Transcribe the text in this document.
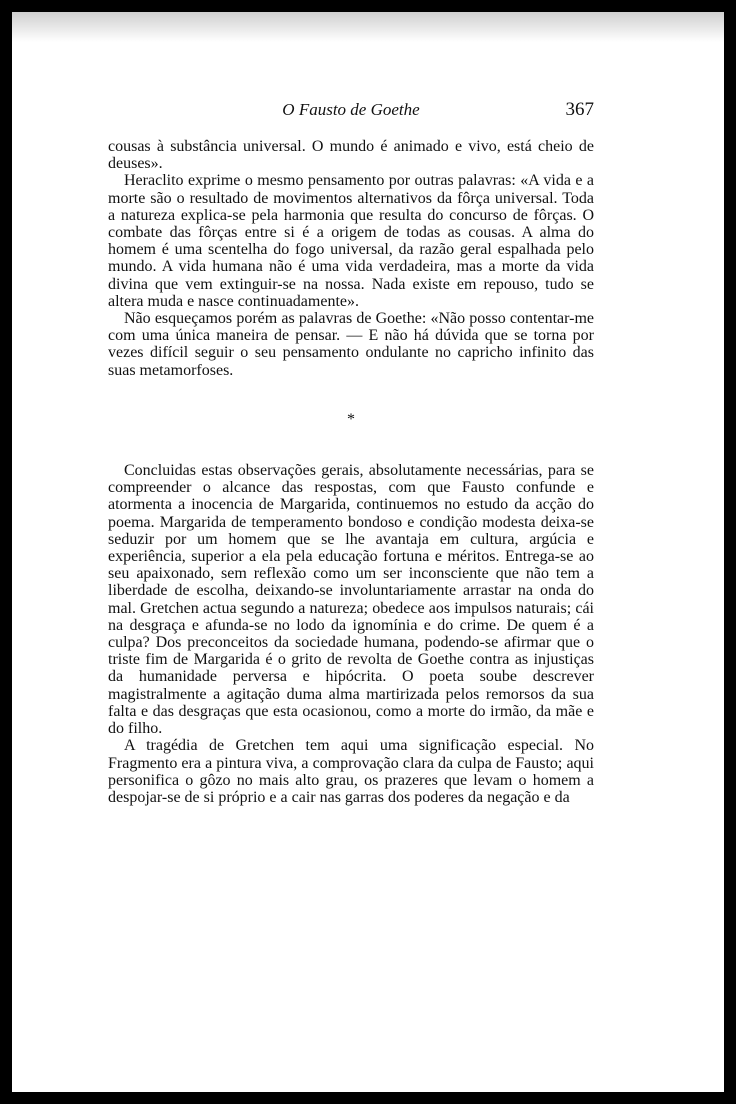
O Fausto de Goethe	367

cousas à substância universal. O mundo é animado e vivo, está cheio de deuses».

Heraclito exprime o mesmo pensamento por outras palavras: «A vida e a morte são o resultado de movimentos alternativos da fôrça universal. Toda a natureza explica-se pela harmonia que resulta do concurso de fôrças. O combate das fôrças entre si é a origem de todas as cousas. A alma do homem é uma scentelha do fogo universal, da razão geral espalhada pelo mundo. A vida humana não é uma vida verdadeira, mas a morte da vida divina que vem extinguir-se na nossa. Nada existe em repouso, tudo se altera muda e nasce continuadamente».

Não esqueçamos porém as palavras de Goethe: «Não posso contentar-me com uma única maneira de pensar. — E não há dúvida que se torna por vezes difícil seguir o seu pensamento ondulante no capricho infinito das suas metamorfoses.

*

Concluidas estas observações gerais, absolutamente necessárias, para se compreender o alcance das respostas, com que Fausto confunde e atormenta a inocencia de Margarida, continuemos no estudo da acção do poema. Margarida de temperamento bondoso e condição modesta deixa-se seduzir por um homem que se lhe avantaja em cultura, argúcia e experiência, superior a ela pela educação fortuna e méritos. Entrega-se ao seu apaixonado, sem reflexão como um ser inconsciente que não tem a liberdade de escolha, deixando-se involuntariamente arrastar na onda do mal. Gretchen actua segundo a natureza; obedece aos impulsos naturais; cái na desgraça e afunda-se no lodo da ignomínia e do crime. De quem é a culpa? Dos preconceitos da sociedade humana, podendo-se afirmar que o triste fim de Margarida é o grito de revolta de Goethe contra as injustiças da humanidade perversa e hipócrita. O poeta soube descrever magistralmente a agitação duma alma martirizada pelos remorsos da sua falta e das desgraças que esta ocasionou, como a morte do irmão, da mãe e do filho.

A tragédia de Gretchen tem aqui uma significação especial. No Fragmento era a pintura viva, a comprovação clara da culpa de Fausto; aqui personifica o gôzo no mais alto grau, os prazeres que levam o homem a despojar-se de si próprio e a cair nas garras dos poderes da negação e da
